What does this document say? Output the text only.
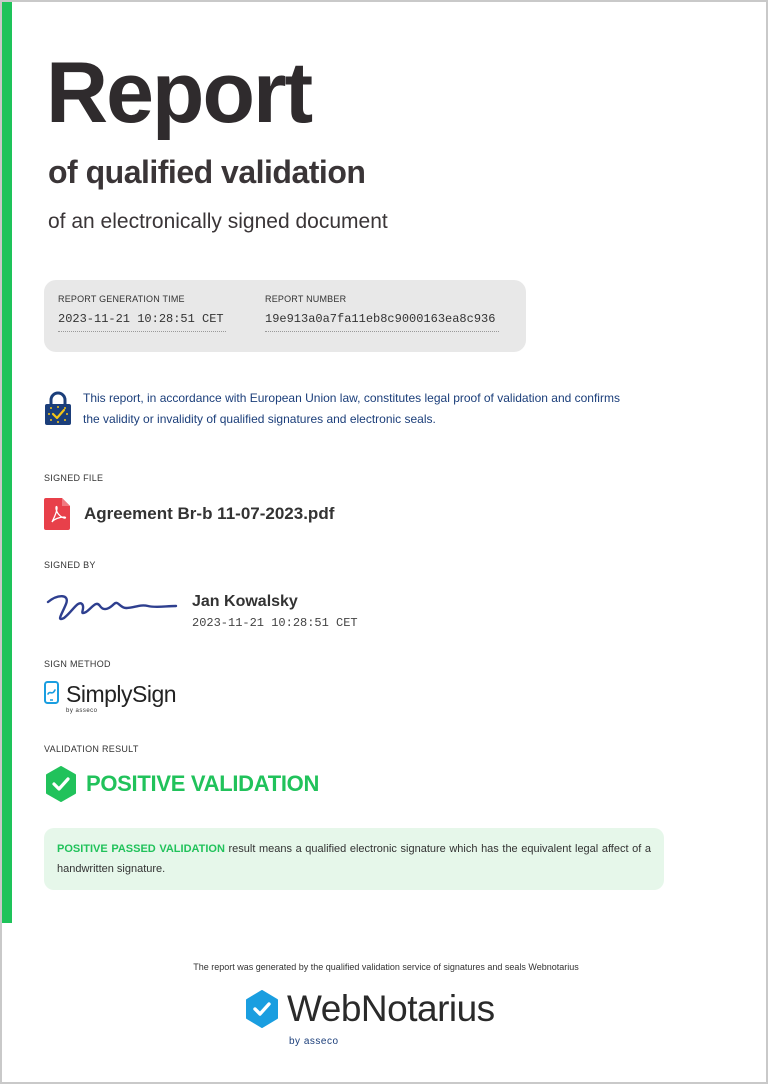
Report
of qualified validation
of an electronically signed document
REPORT GENERATION TIME
2023-11-21 10:28:51 CET
REPORT NUMBER
19e913a0a7fa11eb8c9000163ea8c936
This report, in accordance with European Union law, constitutes legal proof of validation and confirms
the validity or invalidity of qualified signatures and electronic seals.
SIGNED FILE
Agreement Br-b 11-07-2023.pdf
SIGNED BY
Jan Kowalsky
2023-11-21 10:28:51 CET
SIGN METHOD
SimplySign
by asseco
VALIDATION RESULT
POSITIVE VALIDATION
POSITIVE PASSED VALIDATION result means a qualified electronic signature which has the equivalent legal affect of a handwritten signature.
The report was generated by the qualified validation service of signatures and seals Webnotarius
WebNotarius
by asseco
